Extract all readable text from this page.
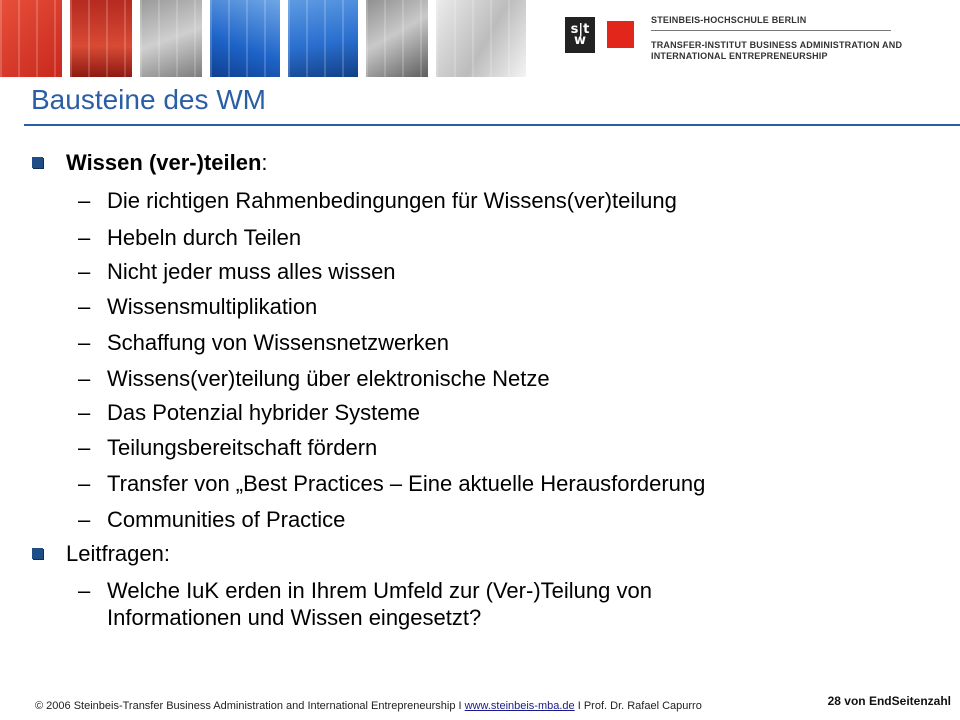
s|t
w
STEINBEIS-HOCHSCHULE BERLIN
TRANSFER-INSTITUT BUSINESS ADMINISTRATION AND
INTERNATIONAL ENTREPRENEURSHIP
Bausteine des WM
Wissen (ver-)teilen:
– Die richtigen Rahmenbedingungen für Wissens(ver)teilung
– Hebeln durch Teilen
– Nicht jeder muss alles wissen
– Wissensmultiplikation
– Schaffung von Wissensnetzwerken
– Wissens(ver)teilung über elektronische Netze
– Das Potenzial hybrider Systeme
– Teilungsbereitschaft fördern
– Transfer von „Best Practices – Eine aktuelle Herausforderung
– Communities of Practice
Leitfragen:
– Welche IuK erden in Ihrem Umfeld zur (Ver-)Teilung von
Informationen und Wissen eingesetzt?
© 2006 Steinbeis-Transfer Business Administration and International Entrepreneurship I www.steinbeis-mba.de I Prof. Dr. Rafael Capurro	28 von EndSeitenzahl
